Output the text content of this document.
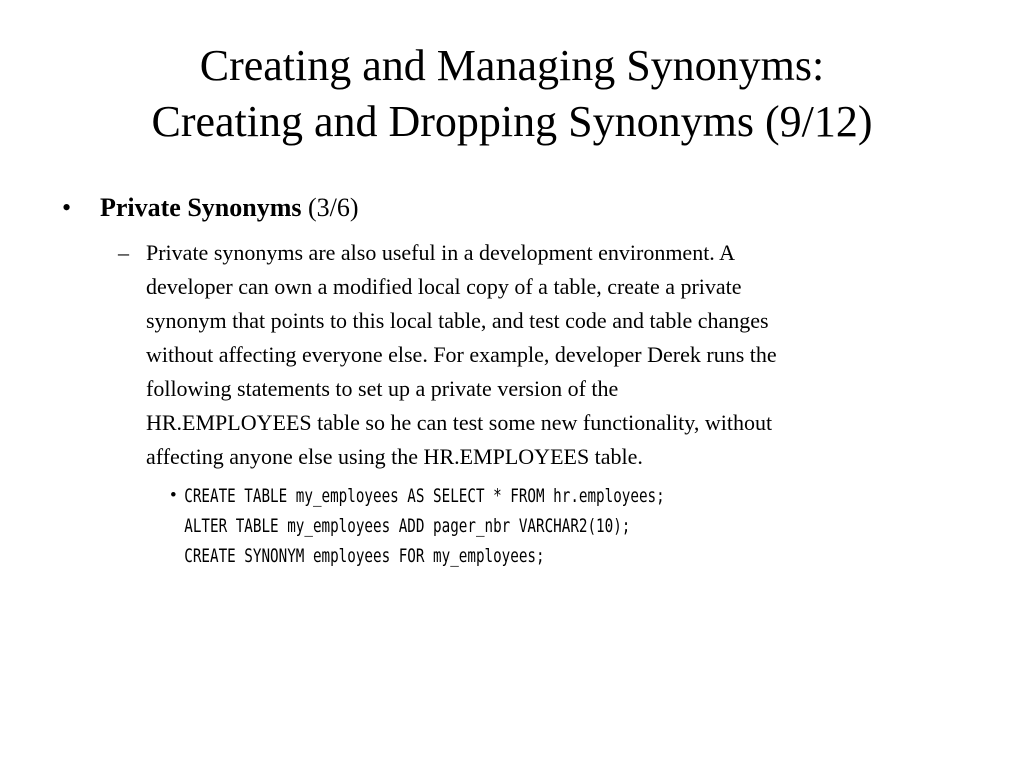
Creating and Managing Synonyms:
Creating and Dropping Synonyms (9/12)
• Private Synonyms (3/6)
– Private synonyms are also useful in a development environment. A
developer can own a modified local copy of a table, create a private
synonym that points to this local table, and test code and table changes
without affecting everyone else. For example, developer Derek runs the
following statements to set up a private version of the
HR.EMPLOYEES table so he can test some new functionality, without
affecting anyone else using the HR.EMPLOYEES table.
• CREATE TABLE my_employees AS SELECT * FROM hr.employees;
ALTER TABLE my_employees ADD pager_nbr VARCHAR2(10);
CREATE SYNONYM employees FOR my_employees;
